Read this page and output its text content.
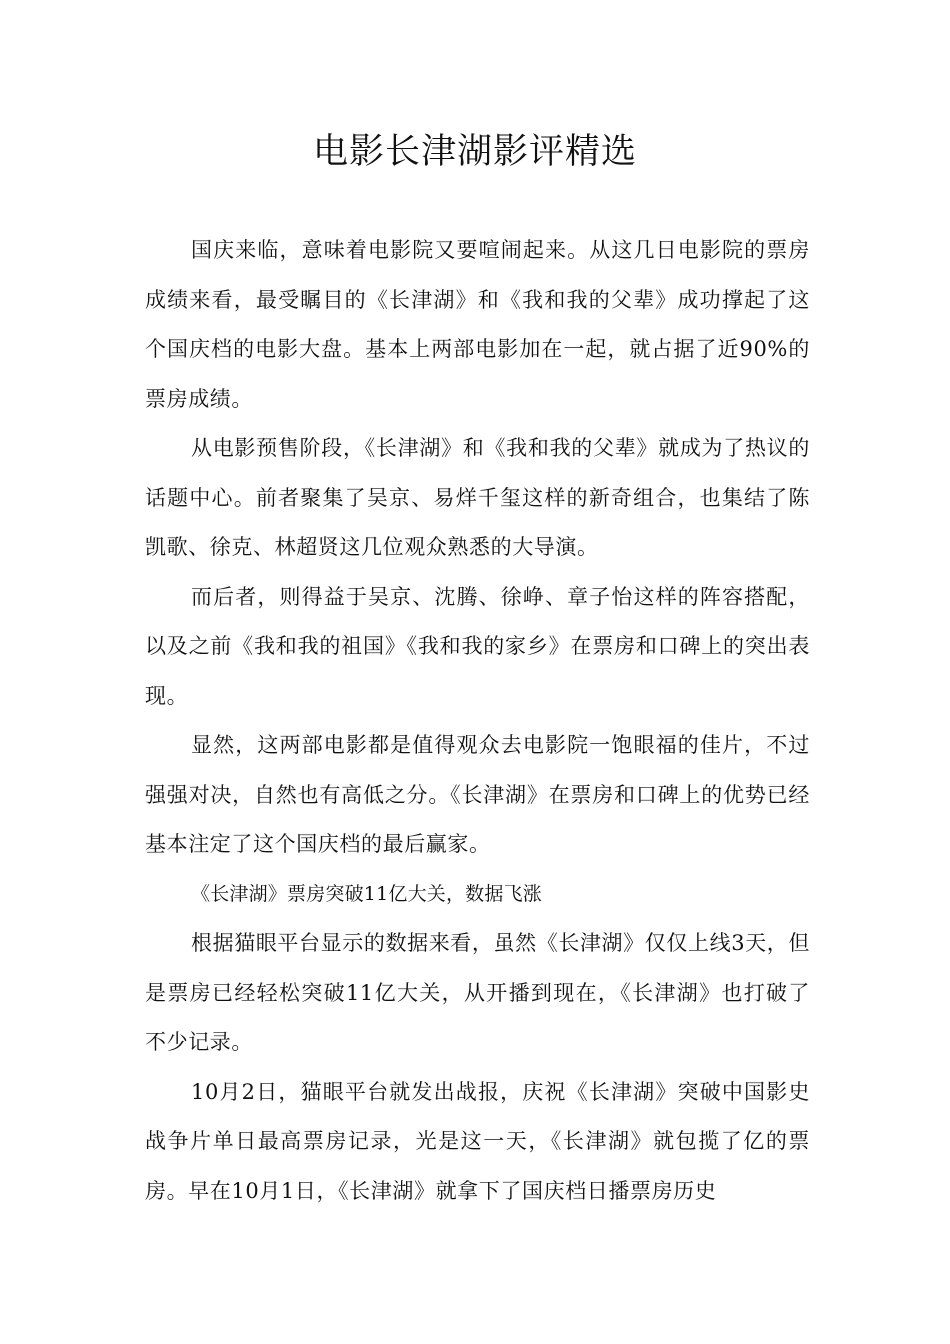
电影长津湖影评精选

国庆来临，意味着电影院又要喧闹起来。从这几日电影院的票房成绩来看，最受瞩目的《长津湖》和《我和我的父辈》成功撑起了这个国庆档的电影大盘。基本上两部电影加在一起，就占据了近90%的票房成绩。

从电影预售阶段，《长津湖》和《我和我的父辈》就成为了热议的话题中心。前者聚集了吴京、易烊千玺这样的新奇组合，也集结了陈凯歌、徐克、林超贤这几位观众熟悉的大导演。

而后者，则得益于吴京、沈腾、徐峥、章子怡这样的阵容搭配，以及之前《我和我的祖国》《我和我的家乡》在票房和口碑上的突出表现。

显然，这两部电影都是值得观众去电影院一饱眼福的佳片，不过强强对决，自然也有高低之分。《长津湖》在票房和口碑上的优势已经基本注定了这个国庆档的最后赢家。

《长津湖》票房突破11亿大关，数据飞涨

根据猫眼平台显示的数据来看，虽然《长津湖》仅仅上线3天，但是票房已经轻松突破11亿大关，从开播到现在，《长津湖》也打破了不少记录。

10月2日，猫眼平台就发出战报，庆祝《长津湖》突破中国影史战争片单日最高票房记录，光是这一天，《长津湖》就包揽了亿的票房。早在10月1日，《长津湖》就拿下了国庆档日播票房历史
